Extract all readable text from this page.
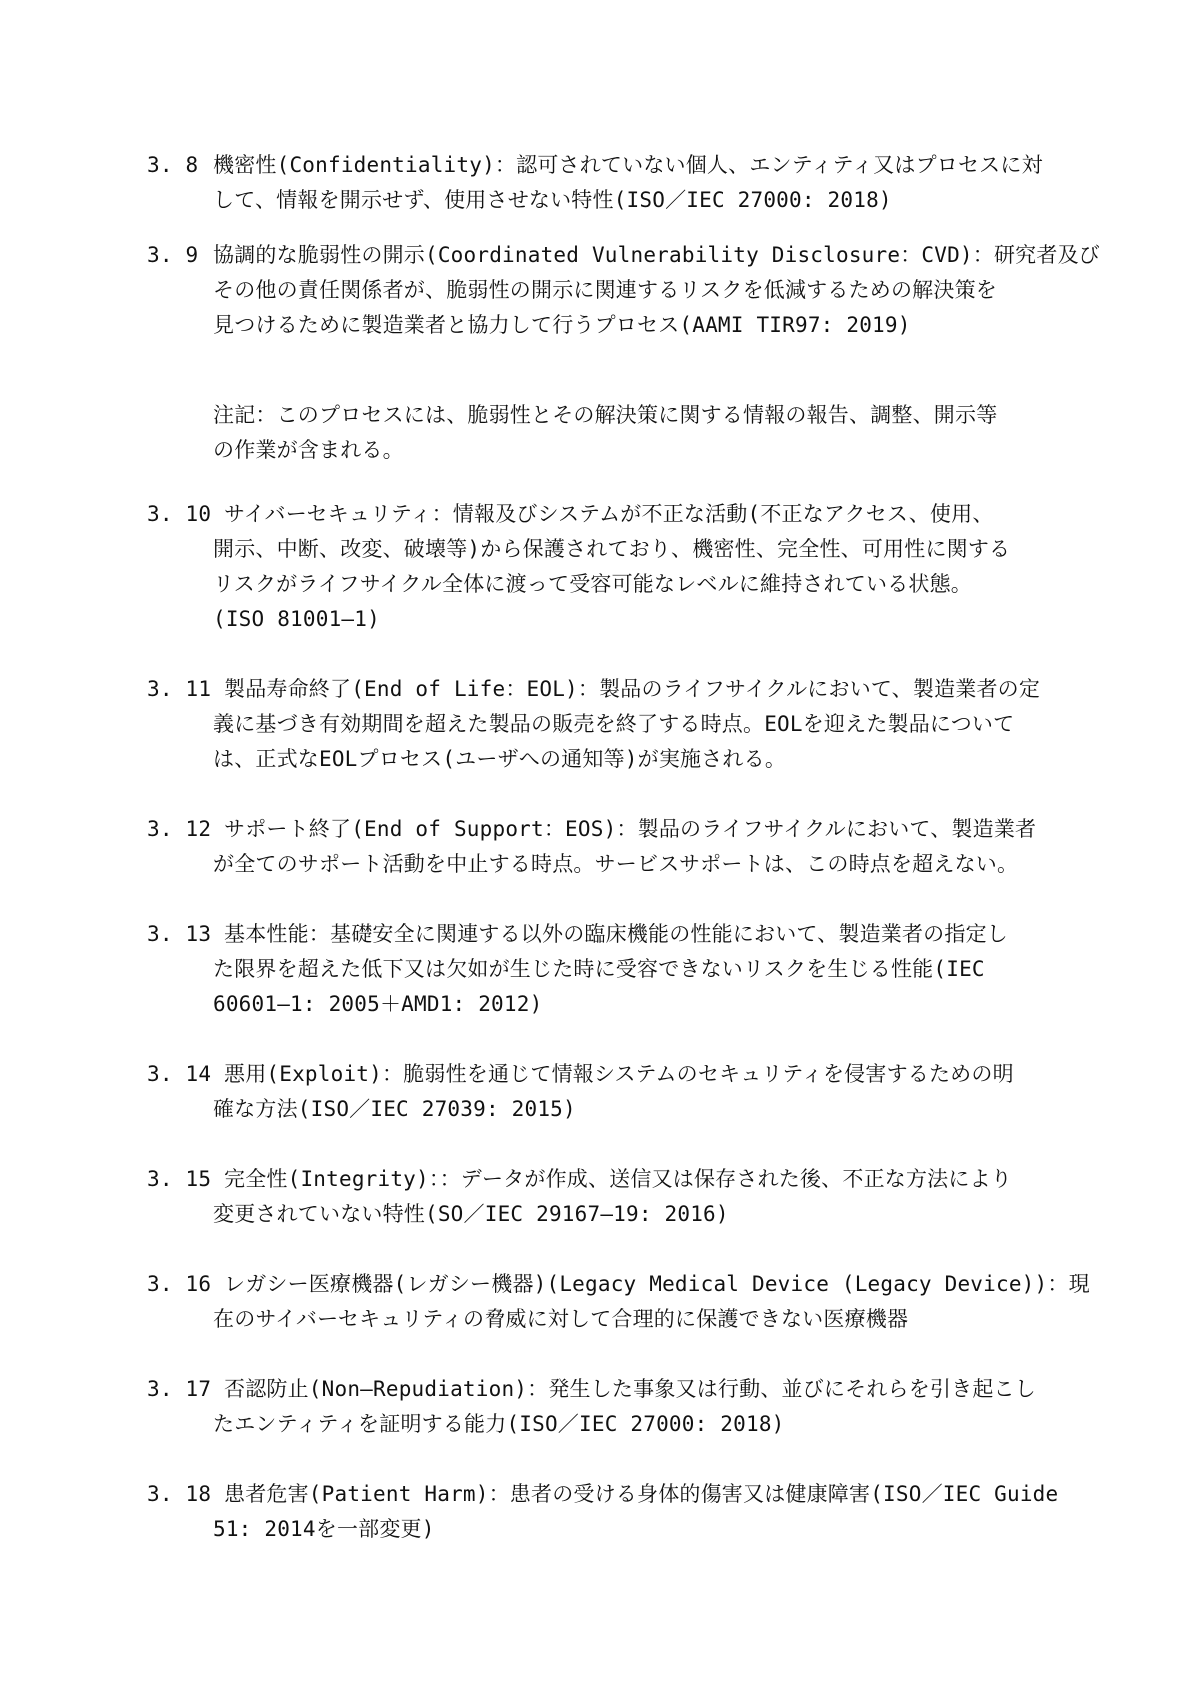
3. 8 機密性(Confidentiality)：認可されていない個人、エンティティ又はプロセスに対
して、情報を開示せず、使用させない特性(ISO／IEC 27000: 2018)
3. 9 協調的な脆弱性の開示(Coordinated Vulnerability Disclosure：CVD)：研究者及び
その他の責任関係者が、脆弱性の開示に関連するリスクを低減するための解決策を
見つけるために製造業者と協力して行うプロセス(AAMI TIR97: 2019)
注記：このプロセスには、脆弱性とその解決策に関する情報の報告、調整、開示等
の作業が含まれる。
3. 10 サイバーセキュリティ：情報及びシステムが不正な活動(不正なアクセス、使用、
開示、中断、改変、破壊等)から保護されており、機密性、完全性、可用性に関する
リスクがライフサイクル全体に渡って受容可能なレベルに維持されている状態。
(ISO 81001―1)
3. 11 製品寿命終了(End of Life：EOL)：製品のライフサイクルにおいて、製造業者の定
義に基づき有効期間を超えた製品の販売を終了する時点。EOLを迎えた製品について
は、正式なEOLプロセス(ユーザへの通知等)が実施される。
3. 12 サポート終了(End of Support：EOS)：製品のライフサイクルにおいて、製造業者
が全てのサポート活動を中止する時点。サービスサポートは、この時点を超えない。
3. 13 基本性能：基礎安全に関連する以外の臨床機能の性能において、製造業者の指定し
た限界を超えた低下又は欠如が生じた時に受容できないリスクを生じる性能(IEC
60601―1: 2005＋AMD1: 2012)
3. 14 悪用(Exploit)：脆弱性を通じて情報システムのセキュリティを侵害するための明
確な方法(ISO／IEC 27039: 2015)
3. 15 完全性(Integrity)：：データが作成、送信又は保存された後、不正な方法により
変更されていない特性(SO／IEC 29167―19: 2016)
3. 16 レガシー医療機器(レガシー機器)(Legacy Medical Device (Legacy Device))：現
在のサイバーセキュリティの脅威に対して合理的に保護できない医療機器
3. 17 否認防止(Non―Repudiation)：発生した事象又は行動、並びにそれらを引き起こし
たエンティティを証明する能力(ISO／IEC 27000: 2018)
3. 18 患者危害(Patient Harm)：患者の受ける身体的傷害又は健康障害(ISO／IEC Guide
51: 2014を一部変更)
